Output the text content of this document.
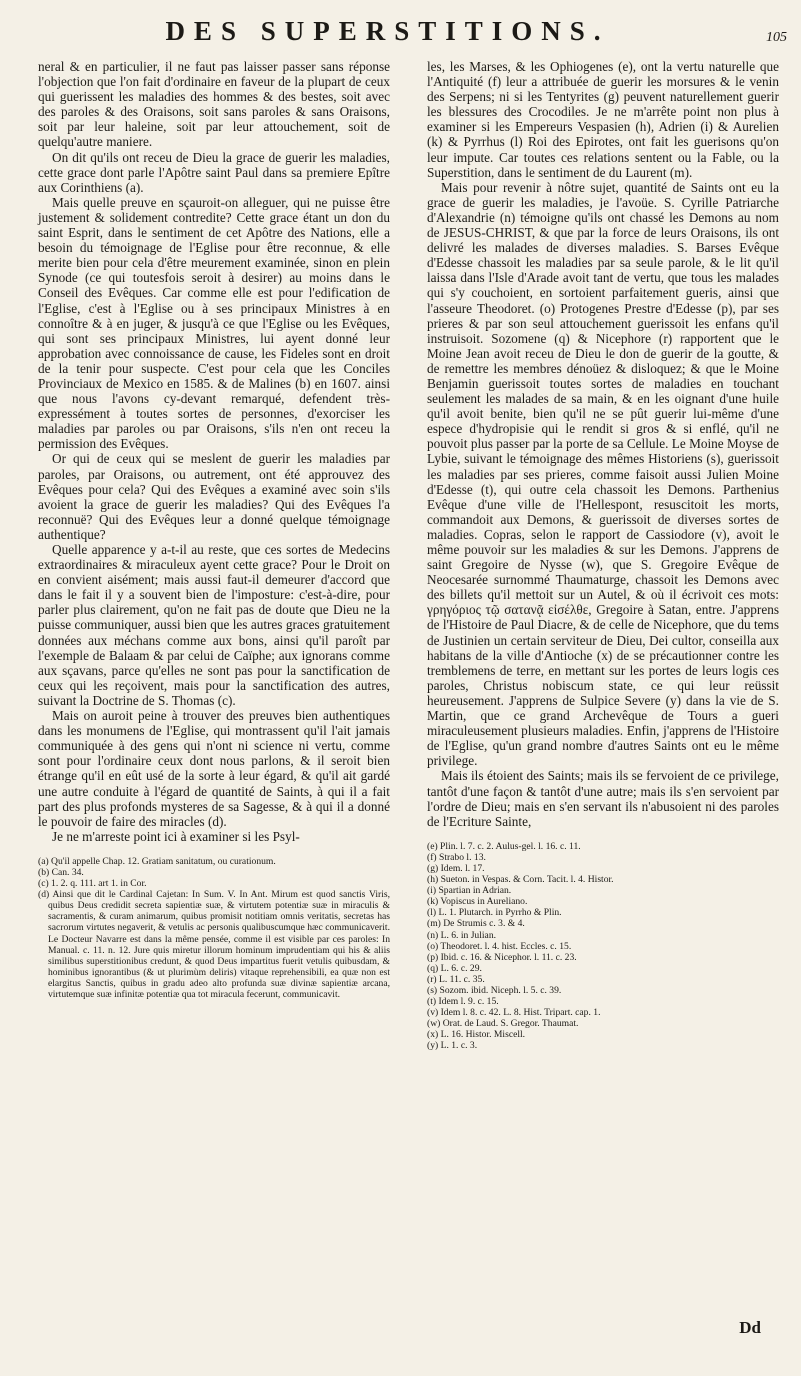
DES SUPERSTITIONS.	105

neral & en particulier, il ne faut pas laisser passer sans réponse l'objection que l'on fait d'ordinaire en faveur de la plupart de ceux qui guerissent les maladies des hommes & des bestes, soit avec des paroles & des Oraisons, soit sans paroles & sans Oraisons, soit par leur haleine, soit par leur attouchement, soit de quelqu'autre maniere.

On dit qu'ils ont receu de Dieu la grace de guerir les maladies, cette grace dont parle l'Apôtre saint Paul dans sa premiere Epître aux Corinthiens (a).

Mais quelle preuve en sçauroit-on alleguer, qui ne puisse être justement & solidement contredite? Cette grace étant un don du saint Esprit, dans le sentiment de cet Apôtre des Nations, elle a besoin du témoignage de l'Eglise pour être reconnue, & elle merite bien pour cela d'être meurement examinée, sinon en plein Synode (ce qui toutesfois seroit à desirer) au moins dans le Conseil des Evêques. Car comme elle est pour l'edification de l'Eglise, c'est à l'Eglise ou à ses principaux Ministres à en connoître & à en juger, & jusqu'à ce que l'Eglise ou les Evêques, qui sont ses principaux Ministres, lui ayent donné leur approbation avec connoissance de cause, les Fideles sont en droit de la tenir pour suspecte. C'est pour cela que les Conciles Provinciaux de Mexico en 1585. & de Malines (b) en 1607. ainsi que nous l'avons cy-devant remarqué, defendent très-expressément à toutes sortes de personnes, d'exorciser les maladies par paroles ou par Oraisons, s'ils n'en ont receu la permission des Evêques.

Or qui de ceux qui se meslent de guerir les maladies par paroles, par Oraisons, ou autrement, ont été approuvez des Evêques pour cela? Qui des Evêques a examiné avec soin s'ils avoient la grace de guerir les maladies? Qui des Evêques l'a reconnuë? Qui des Evêques leur a donné quelque témoignage authentique?

Quelle apparence y a-t-il au reste, que ces sortes de Medecins extraordinaires & miraculeux ayent cette grace? Pour le Droit on en convient aisément; mais aussi faut-il demeurer d'accord que dans le fait il y a souvent bien de l'imposture: c'est-à-dire, pour parler plus clairement, qu'on ne fait pas de doute que Dieu ne la puisse communiquer, aussi bien que les autres graces gratuitement données aux méchans comme aux bons, ainsi qu'il paroît par l'exemple de Balaam & par celui de Caïphe; aux ignorans comme aux sçavans, parce qu'elles ne sont pas pour la sanctification de ceux qui les reçoivent, mais pour la sanctification des autres, suivant la Doctrine de S. Thomas (c).

Mais on auroit peine à trouver des preuves bien authentiques dans les monumens de l'Eglise, qui montrassent qu'il l'ait jamais communiquée à des gens qui n'ont ni science ni vertu, comme sont pour l'ordinaire ceux dont nous parlons, & il seroit bien étrange qu'il en eût usé de la sorte à leur égard, & qu'il ait gardé une autre conduite à l'égard de quantité de Saints, à qui il a fait part des plus profonds mysteres de sa Sagesse, & à qui il a donné le pouvoir de faire des miracles (d).

Je ne m'arreste point ici à examiner si les Psyl-

(a) Qu'il appelle Chap. 12. Gratiam sanitatum, ou curationum.

(b) Can. 34.

(c) 1. 2. q. 111. art 1. in Cor.

(d) Ainsi que dit le Cardinal Cajetan: In Sum. V. In Ant. Mirum est quod sanctis Viris, quibus Deus credidit secreta sapientiæ suæ, & virtutem potentiæ suæ in miraculis & sacramentis, & curam animarum, quibus promisit notitiam omnis veritatis, secretas has sacrorum virtutes negaverit, & vetulis ac personis qualibuscumque hæc communicaverit. Le Docteur Navarre est dans la même pensée, comme il est visible par ces paroles: In Manual. c. 11. n. 12. Jure quis miretur illorum hominum imprudentiam qui his & aliis similibus superstitionibus credunt, & quod Deus impartitus fuerit vetulis quibusdam, & hominibus ignorantibus (& ut plurimùm deliris) vitaque reprehensibili, ea quæ non est elargitus Sanctis, quibus in gradu adeo alto profunda suæ divinæ sapientiæ arcana, virtutemque suæ infinitæ potentiæ qua tot miracula fecerunt, communicavit.

les, les Marses, & les Ophiogenes (e), ont la vertu naturelle que l'Antiquité (f) leur a attribuée de guerir les morsures & le venin des Serpens; ni si les Tentyrites (g) peuvent naturellement guerir les blessures des Crocodiles. Je ne m'arrête point non plus à examiner si les Empereurs Vespasien (h), Adrien (i) & Aurelien (k) & Pyrrhus (l) Roi des Epirotes, ont fait les guerisons qu'on leur impute. Car toutes ces relations sentent ou la Fable, ou la Superstition, dans le sentiment de du Laurent (m).

Mais pour revenir à nôtre sujet, quantité de Saints ont eu la grace de guerir les maladies, je l'avoüe. S. Cyrille Patriarche d'Alexandrie (n) témoigne qu'ils ont chassé les Demons au nom de JESUS-CHRIST, & que par la force de leurs Oraisons, ils ont delivré les malades de diverses maladies. S. Barses Evêque d'Edesse chassoit les maladies par sa seule parole, & le lit qu'il laissa dans l'Isle d'Arade avoit tant de vertu, que tous les malades qui s'y couchoient, en sortoient parfaitement gueris, ainsi que l'asseure Theodoret. (o) Protogenes Prestre d'Edesse (p), par ses prieres & par son seul attouchement guerissoit les enfans qu'il instruisoit. Sozomene (q) & Nicephore (r) rapportent que le Moine Jean avoit receu de Dieu le don de guerir de la goutte, & de remettre les membres dénoüez & disloquez; & que le Moine Benjamin guerissoit toutes sortes de maladies en touchant seulement les malades de sa main, & en les oignant d'une huile qu'il avoit benite, bien qu'il ne se pût guerir lui-même d'une espece d'hydropisie qui le rendit si gros & si enflé, qu'il ne pouvoit plus passer par la porte de sa Cellule. Le Moine Moyse de Lybie, suivant le témoignage des mêmes Historiens (s), guerissoit les maladies par ses prieres, comme faisoit aussi Julien Moine d'Edesse (t), qui outre cela chassoit les Demons. Parthenius Evêque d'une ville de l'Hellespont, resuscitoit les morts, commandoit aux Demons, & guerissoit de diverses sortes de maladies. Copras, selon le rapport de Cassiodore (v), avoit le même pouvoir sur les maladies & sur les Demons. J'apprens de saint Gregoire de Nysse (w), que S. Gregoire Evêque de Neocesarée surnommé Thaumaturge, chassoit les Demons avec des billets qu'il mettoit sur un Autel, & où il écrivoit ces mots: γρηγόριος τῷ σατανᾷ εἰσέλθε, Gregoire à Satan, entre. J'apprens de l'Histoire de Paul Diacre, & de celle de Nicephore, que du tems de Justinien un certain serviteur de Dieu, Dei cultor, conseilla aux habitans de la ville d'Antioche (x) de se précautionner contre les tremblemens de terre, en mettant sur les portes de leurs logis ces paroles, Christus nobiscum state, ce qui leur reüssit heureusement. J'apprens de Sulpice Severe (y) dans la vie de S. Martin, que ce grand Archevêque de Tours a gueri miraculeusement plusieurs maladies. Enfin, j'apprens de l'Histoire de l'Eglise, qu'un grand nombre d'autres Saints ont eu le même privilege.

Mais ils étoient des Saints; mais ils se fervoient de ce privilege, tantôt d'une façon & tantôt d'une autre; mais ils s'en servoient par l'ordre de Dieu; mais en s'en servant ils n'abusoient ni des paroles de l'Ecriture Sainte,

(e) Plin. l. 7. c. 2. Aulus-gel. l. 16. c. 11.

(f) Strabo l. 13.

(g) Idem. l. 17.

(h) Sueton. in Vespas. & Corn. Tacit. l. 4. Histor.

(i) Spartian in Adrian.

(k) Vopiscus in Aureliano.

(l) L. 1. Plutarch. in Pyrrho & Plin.

(m) De Strumis c. 3. & 4.

(n) L. 6. in Julian.

(o) Theodoret. l. 4. hist. Eccles. c. 15.

(p) Ibid. c. 16. & Nicephor. l. 11. c. 23.

(q) L. 6. c. 29.

(r) L. 11. c. 35.

(s) Sozom. ibid. Niceph. l. 5. c. 39.

(t) Idem l. 9. c. 15.

(v) Idem l. 8. c. 42. L. 8. Hist. Tripart. cap. 1.

(w) Orat. de Laud. S. Gregor. Thaumat.

(x) L. 16. Histor. Miscell.

(y) L. 1. c. 3.

Dd
